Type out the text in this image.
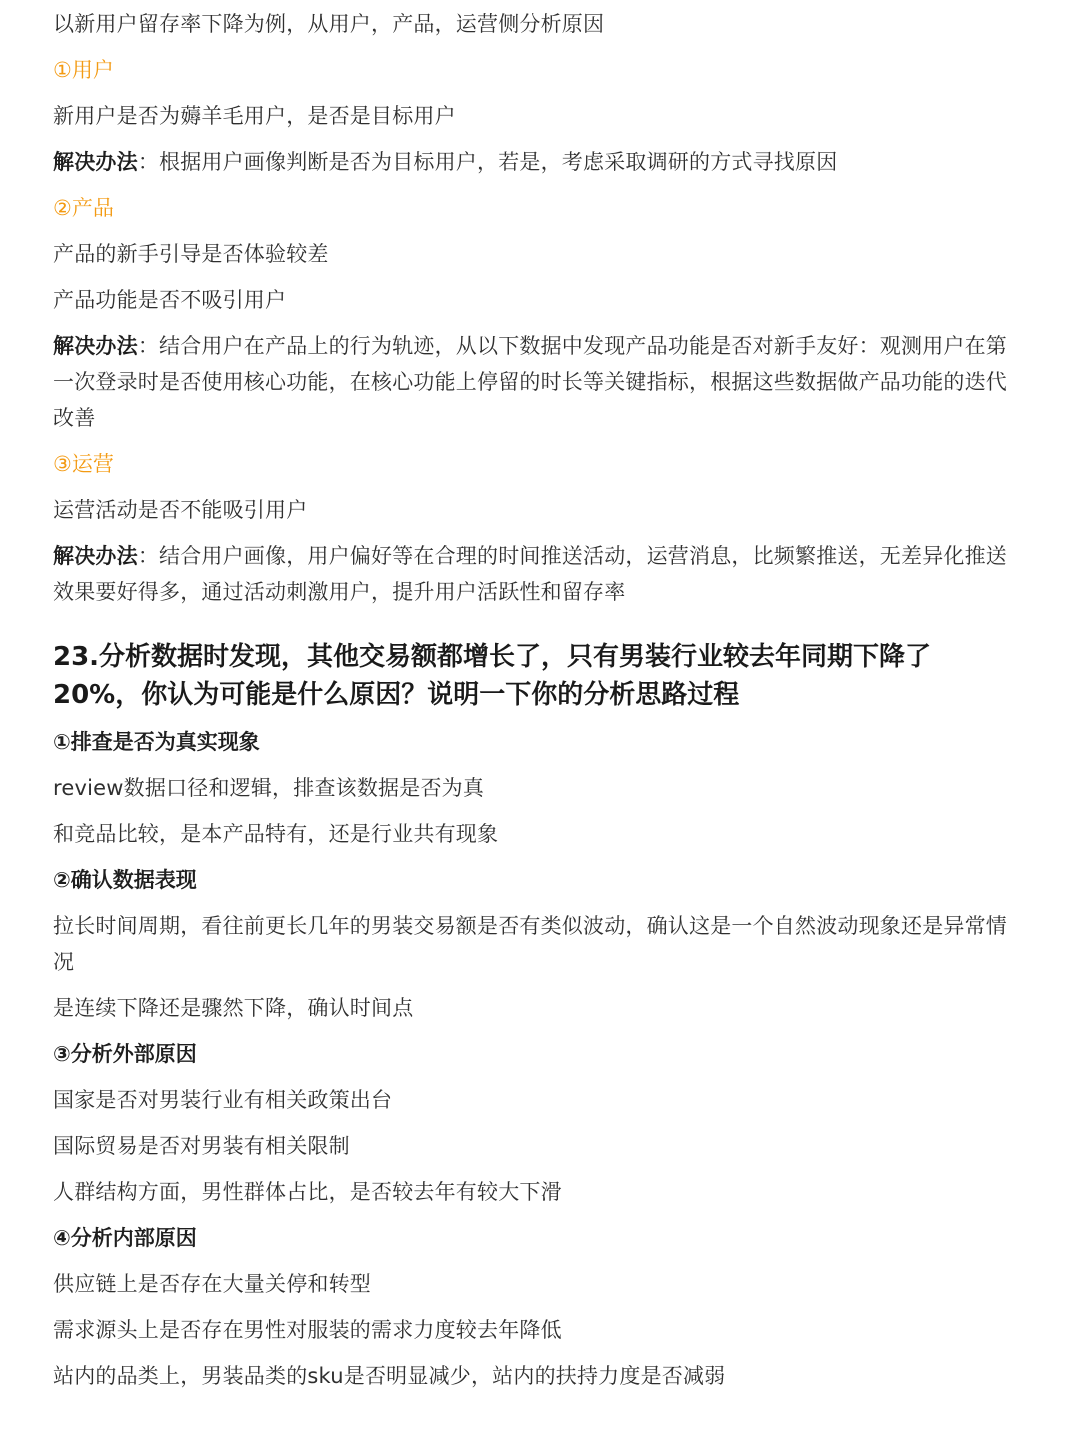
以新用户留存率下降为例，从用户，产品，运营侧分析原因
①用户
新用户是否为薅羊毛用户，是否是目标用户
解决办法：根据用户画像判断是否为目标用户，若是，考虑采取调研的方式寻找原因
②产品
产品的新手引导是否体验较差
产品功能是否不吸引用户
解决办法：结合用户在产品上的行为轨迹，从以下数据中发现产品功能是否对新手友好：观测用户在第一次登录时是否使用核心功能，在核心功能上停留的时长等关键指标，根据这些数据做产品功能的迭代改善
③运营
运营活动是否不能吸引用户
解决办法：结合用户画像，用户偏好等在合理的时间推送活动，运营消息，比频繁推送，无差异化推送效果要好得多，通过活动刺激用户，提升用户活跃性和留存率
23.分析数据时发现，其他交易额都增长了，只有男装行业较去年同期下降了20%，你认为可能是什么原因？说明一下你的分析思路过程
①排查是否为真实现象
review数据口径和逻辑，排查该数据是否为真
和竞品比较，是本产品特有，还是行业共有现象
②确认数据表现
拉长时间周期，看往前更长几年的男装交易额是否有类似波动，确认这是一个自然波动现象还是异常情况
是连续下降还是骤然下降，确认时间点
③分析外部原因
国家是否对男装行业有相关政策出台
国际贸易是否对男装有相关限制
人群结构方面，男性群体占比，是否较去年有较大下滑
④分析内部原因
供应链上是否存在大量关停和转型
需求源头上是否存在男性对服装的需求力度较去年降低
站内的品类上，男装品类的sku是否明显减少，站内的扶持力度是否减弱
